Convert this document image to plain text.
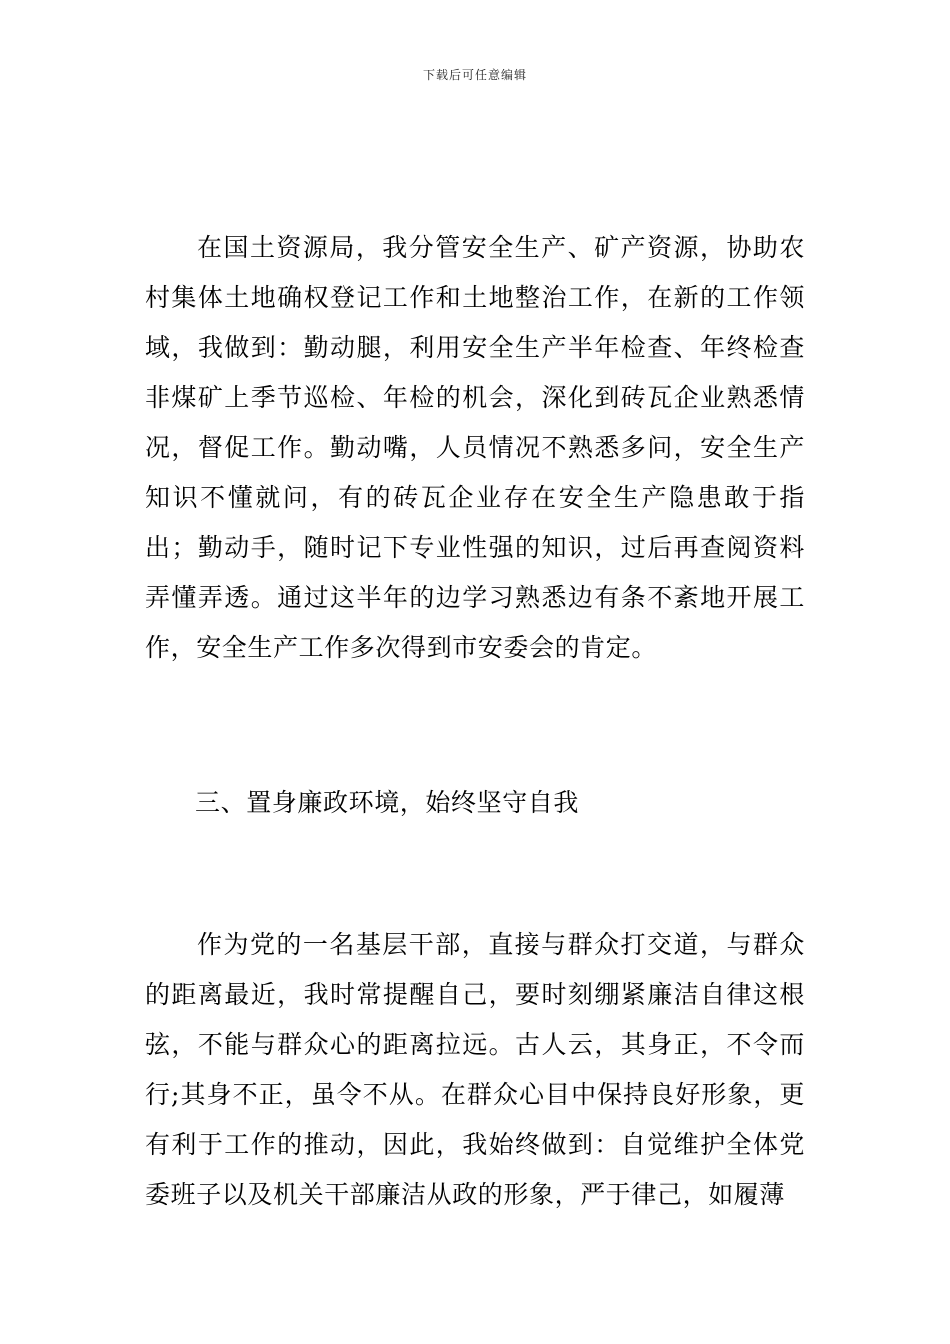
下载后可任意编辑

在国土资源局，我分管安全生产、矿产资源，协助农村集体土地确权登记工作和土地整治工作，在新的工作领域，我做到：勤动腿，利用安全生产半年检查、年终检查非煤矿上季节巡检、年检的机会，深化到砖瓦企业熟悉情况，督促工作。勤动嘴，人员情况不熟悉多问，安全生产知识不懂就问，有的砖瓦企业存在安全生产隐患敢于指出；勤动手，随时记下专业性强的知识，过后再查阅资料弄懂弄透。通过这半年的边学习熟悉边有条不紊地开展工作，安全生产工作多次得到市安委会的肯定。

三、置身廉政环境，始终坚守自我

作为党的一名基层干部，直接与群众打交道，与群众的距离最近，我时常提醒自己，要时刻绷紧廉洁自律这根弦，不能与群众心的距离拉远。古人云，其身正，不令而行;其身不正，虽令不从。在群众心目中保持良好形象，更有利于工作的推动，因此，我始终做到：自觉维护全体党委班子以及机关干部廉洁从政的形象，严于律己，如履薄
